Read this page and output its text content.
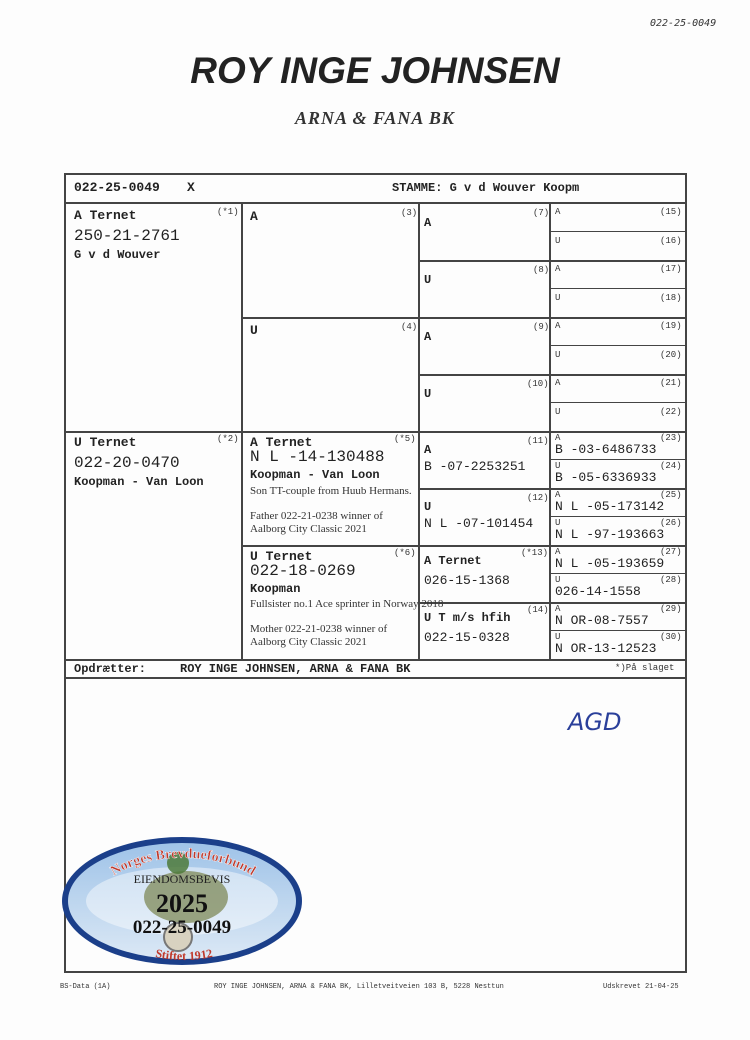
022-25-0049
ROY INGE JOHNSEN
ARNA & FANA BK
022-25-0049 X	STAMME: G v d Wouver Koopm
A Ternet	(*1)
250-21-2761
G v d Wouver
U Ternet	(*2)
022-20-0470
Koopman - Van Loon
A	(3)
U	(4)
A Ternet	(*5)
N L -14-130488
Koopman - Van Loon
Son TT-couple from Huub Hermans.
Father 022-21-0238 winner of Aalborg City Classic 2021
U Ternet	(*6)
022-18-0269
Koopman
Fullsister no.1 Ace sprinter in Norway 2018
Mother 022-21-0238 winner of Aalborg City Classic 2021
A
(7)
U
(8)
A
(9)
U
(10)
A
(11)
B -07-2253251
U
(12)
N L -07-101454
A Ternet
(*13)
026-15-1368
U T m/s hfih
(14)
022-15-0328
A	(15)
U	(16)
A	(17)
U	(18)
A	(19)
U	(20)
A	(21)
U	(22)
A	(23)
B -03-6486733
U	(24)
B -05-6336933
A	(25)
N L -05-173142
U	(26)
N L -97-193663
A	(27)
N L -05-193659
U	(28)
026-14-1558
A	(29)
N OR-08-7557
U	(30)
N OR-13-12523
Opdrætter:	ROY INGE JOHNSEN, ARNA & FANA BK	*)På slaget
AGD
Norges Brevdueforbund
EIENDOMSBEVIS
2025
022-25-0049
Stiftet 1912
BS-Data (1A)	ROY INGE JOHNSEN, ARNA & FANA BK, Lilletveitveien 103 B, 5228 Nesttun	Udskrevet 21-04-25
